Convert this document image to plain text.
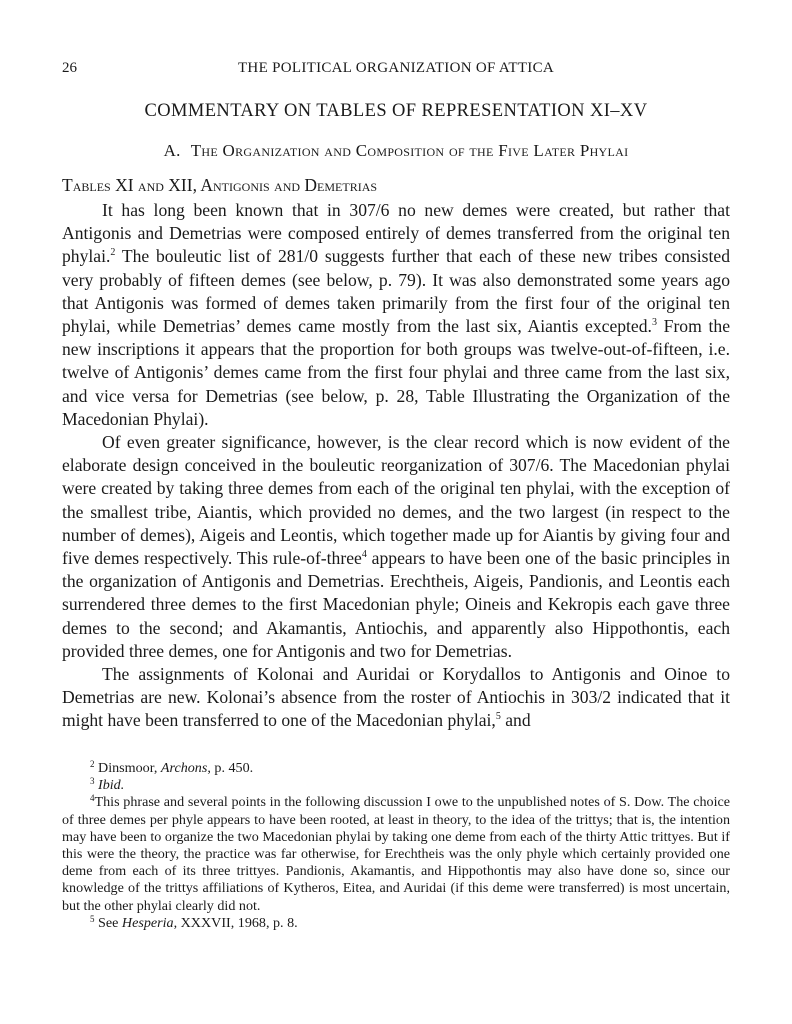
26	THE POLITICAL ORGANIZATION OF ATTICA
COMMENTARY ON TABLES OF REPRESENTATION XI–XV
A. The Organization and Composition of the Five Later Phylai
Tables XI and XII, Antigonis and Demetrias

It has long been known that in 307/6 no new demes were created, but rather that Antigonis and Demetrias were composed entirely of demes transferred from the original ten phylai.$^2$ The bouleutic list of 281/0 suggests further that each of these new tribes consisted very probably of fifteen demes (see below, p. 79). It was also demonstrated some years ago that Antigonis was formed of demes taken primarily from the first four of the original ten phylai, while Demetrias’ demes came mostly from the last six, Aiantis excepted.$^3$ From the new inscriptions it appears that the proportion for both groups was twelve-out-of-fifteen, i.e. twelve of Antigonis’ demes came from the first four phylai and three came from the last six, and vice versa for Demetrias (see below, p. 28, Table Illustrating the Organization of the Macedonian Phylai).

Of even greater significance, however, is the clear record which is now evident of the elaborate design conceived in the bouleutic reorganization of 307/6. The Macedonian phylai were created by taking three demes from each of the original ten phylai, with the exception of the smallest tribe, Aiantis, which provided no demes, and the two largest (in respect to the number of demes), Aigeis and Leontis, which together made up for Aiantis by giving four and five demes respectively. This rule-of-three$^4$ appears to have been one of the basic principles in the organization of Antigonis and Demetrias. Erechtheis, Aigeis, Pandionis, and Leontis each surrendered three demes to the first Macedonian phyle; Oineis and Kekropis each gave three demes to the second; and Akamantis, Antiochis, and apparently also Hippothontis, each provided three demes, one for Antigonis and two for Demetrias.

The assignments of Kolonai and Auridai or Korydallos to Antigonis and Oinoe to Demetrias are new. Kolonai’s absence from the roster of Antiochis in 303/2 indicated that it might have been transferred to one of the Macedonian phylai,$^5$ and

$^2$ Dinsmoor, Archons, p. 450.

$^3$ Ibid.

$^4$This phrase and several points in the following discussion I owe to the unpublished notes of S. Dow. The choice of three demes per phyle appears to have been rooted, at least in theory, to the idea of the trittys; that is, the intention may have been to organize the two Macedonian phylai by taking one deme from each of the thirty Attic trittyes. But if this were the theory, the practice was far otherwise, for Erechtheis was the only phyle which certainly provided one deme from each of its three trittyes. Pandionis, Akamantis, and Hippothontis may also have done so, since our knowledge of the trittys affiliations of Kytheros, Eitea, and Auridai (if this deme were transferred) is most uncertain, but the other phylai clearly did not.

$^5$ See Hesperia, XXXVII, 1968, p. 8.
